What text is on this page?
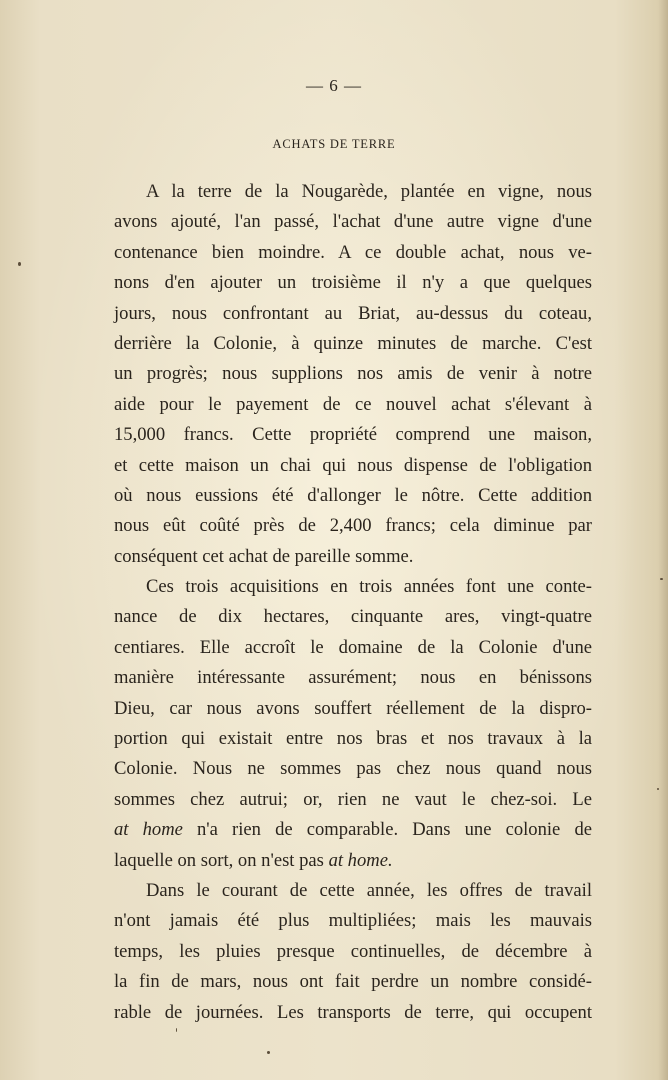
— 6 —
ACHATS DE TERRE
A la terre de la Nougarède, plantée en vigne, nous
avons ajouté, l'an passé, l'achat d'une autre vigne d'une
contenance bien moindre. A ce double achat, nous ve-
nons d'en ajouter un troisième il n'y a que quelques
jours, nous confrontant au Briat, au-dessus du coteau,
derrière la Colonie, à quinze minutes de marche. C'est
un progrès; nous supplions nos amis de venir à notre
aide pour le payement de ce nouvel achat s'élevant à
15,000 francs. Cette propriété comprend une maison,
et cette maison un chai qui nous dispense de l'obligation
où nous eussions été d'allonger le nôtre. Cette addition
nous eût coûté près de 2,400 francs; cela diminue par
conséquent cet achat de pareille somme.
Ces trois acquisitions en trois années font une conte-
nance de dix hectares, cinquante ares, vingt-quatre
centiares. Elle accroît le domaine de la Colonie d'une
manière intéressante assurément; nous en bénissons
Dieu, car nous avons souffert réellement de la dispro-
portion qui existait entre nos bras et nos travaux à la
Colonie. Nous ne sommes pas chez nous quand nous
sommes chez autrui; or, rien ne vaut le chez-soi. Le
at home n'a rien de comparable. Dans une colonie de
laquelle on sort, on n'est pas at home.
Dans le courant de cette année, les offres de travail
n'ont jamais été plus multipliées; mais les mauvais
temps, les pluies presque continuelles, de décembre à
la fin de mars, nous ont fait perdre un nombre considé-
rable de journées. Les transports de terre, qui occupent
